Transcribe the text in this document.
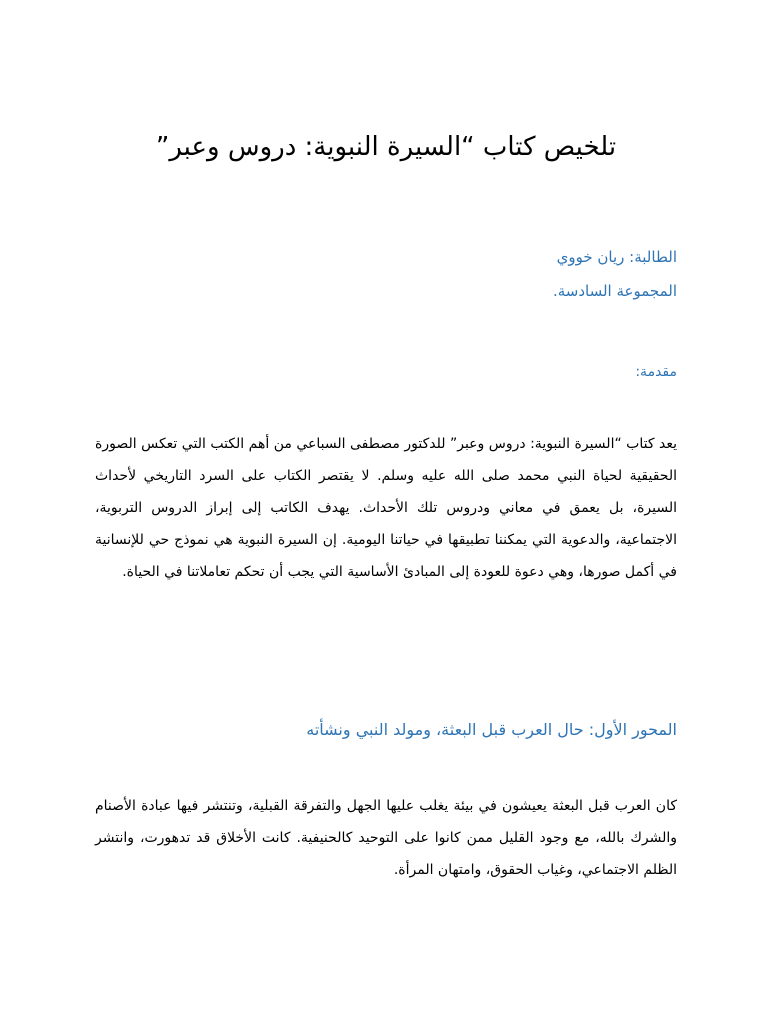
تلخيص كتاب “السيرة النبوية: دروس وعبر”

الطالبة: ريان خووي

المجموعة السادسة.

مقدمة:

يعد كتاب “السيرة النبوية: دروس وعبر” للدكتور مصطفى السباعي من أهم الكتب التي تعكس الصورة الحقيقية لحياة النبي محمد صلى الله عليه وسلم. لا يقتصر الكتاب على السرد التاريخي لأحداث السيرة، بل يعمق في معاني ودروس تلك الأحداث. يهدف الكاتب إلى إبراز الدروس التربوية، الاجتماعية، والدعوية التي يمكننا تطبيقها في حياتنا اليومية. إن السيرة النبوية هي نموذج حي للإنسانية في أكمل صورها، وهي دعوة للعودة إلى المبادئ الأساسية التي يجب أن تحكم تعاملاتنا في الحياة.

المحور الأول: حال العرب قبل البعثة، ومولد النبي ونشأته

كان العرب قبل البعثة يعيشون في بيئة يغلب عليها الجهل والتفرقة القبلية، وتنتشر فيها عبادة الأصنام والشرك بالله، مع وجود القليل ممن كانوا على التوحيد كالحنيفية. كانت الأخلاق قد تدهورت، وانتشر الظلم الاجتماعي، وغياب الحقوق، وامتهان المرأة.
